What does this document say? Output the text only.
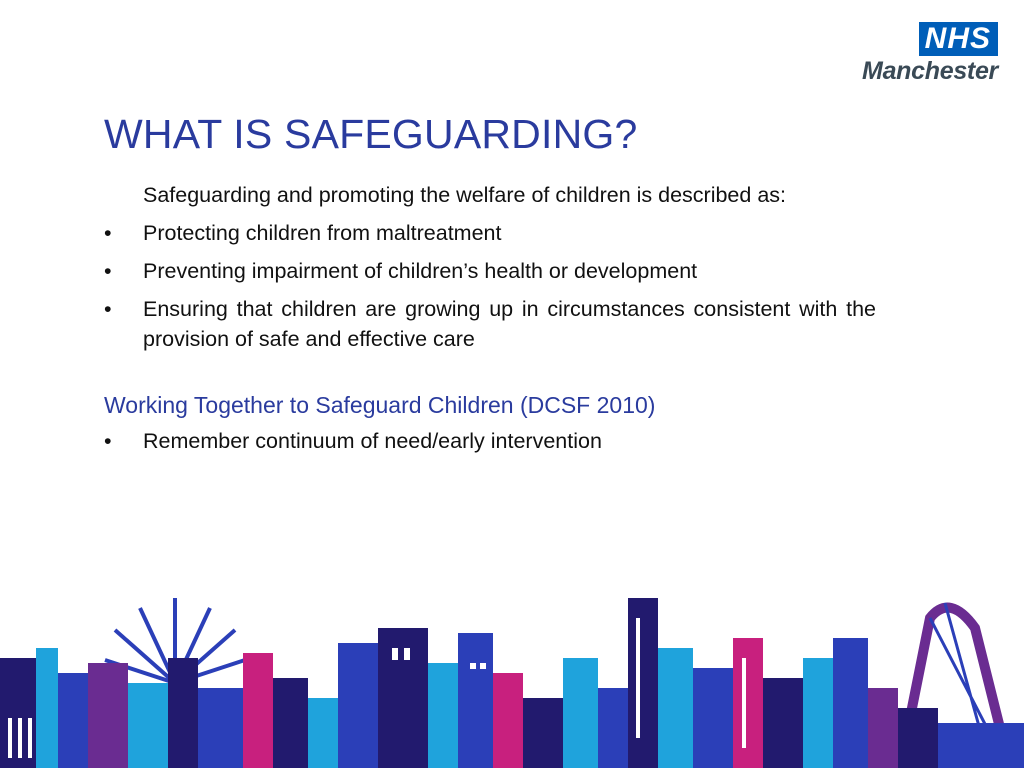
NHS
Manchester
WHAT IS SAFEGUARDING?

Safeguarding and promoting the welfare of children is described as:

• Protecting children from maltreatment
• Preventing impairment of children’s health or development
• Ensuring that children are growing up in circumstances consistent with the provision of safe and effective care

Working Together to Safeguard Children (DCSF 2010)

• Remember continuum of need/early intervention
